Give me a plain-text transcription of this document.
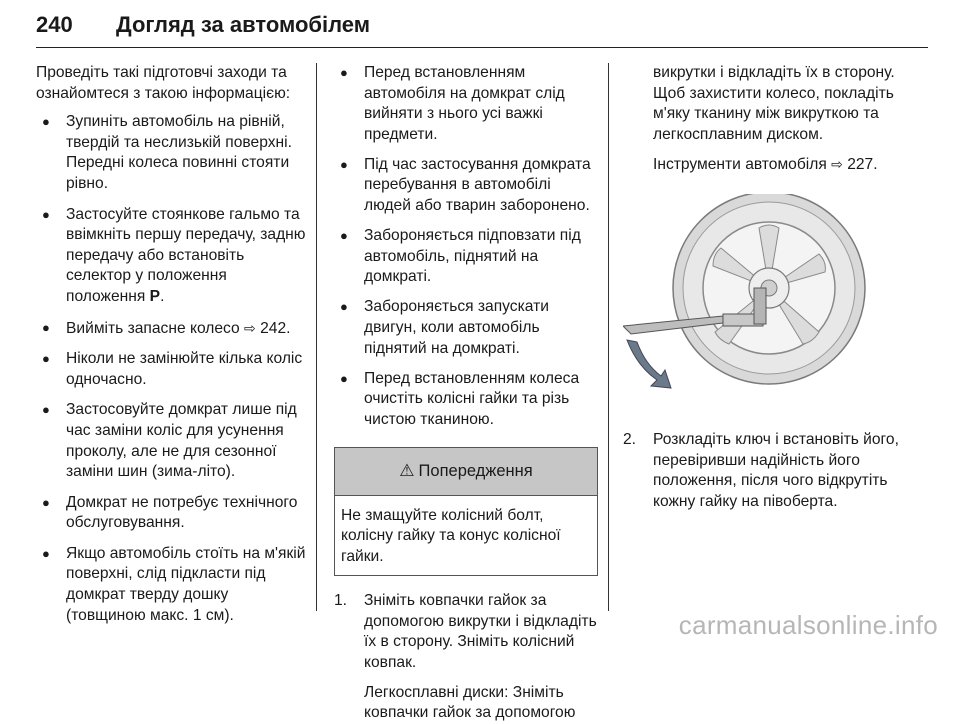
240 Догляд за автомобілем

Проведіть такі підготовчі заходи та ознайомтеся з такою інформацією:

● Зупиніть автомобіль на рівній, твердій та неслизькій поверхні. Передні колеса повинні стояти рівно.
● Застосуйте стоянкове гальмо та ввімкніть першу передачу, задню передачу або встановіть селектор у положення положення P.
● Вийміть запасне колесо ⇨ 242.
● Ніколи не замінюйте кілька коліс одночасно.
● Застосовуйте домкрат лише під час заміни коліс для усунення проколу, але не для сезонної заміни шин (зима-літо).
● Домкрат не потребує технічного обслуговування.
● Якщо автомобіль стоїть на м'якій поверхні, слід підкласти під домкрат тверду дошку (товщиною макс. 1 см).
● Перед встановленням автомобіля на домкрат слід вийняти з нього усі важкі предмети.
● Під час застосування домкрата перебування в автомобілі людей або тварин заборонено.
● Забороняється підповзати під автомобіль, піднятий на домкраті.
● Забороняється запускати двигун, коли автомобіль піднятий на домкраті.
● Перед встановленням колеса очистіть колісні гайки та різь чистою тканиною.
⚠ Попередження
Не змащуйте колісний болт, колісну гайку та конус колісної гайки.
1. Зніміть ковпачки гайок за допомогою викрутки і відкладіть їх в сторону. Зніміть колісний ковпак.

Легкосплавні диски: Зніміть ковпачки гайок за допомогою

викрутки і відкладіть їх в сторону. Щоб захистити колесо, покладіть м'яку тканину між викруткою та легкосплавним диском.

Інструменти автомобіля ⇨ 227.

2. Розкладіть ключ і встановіть його, перевіривши надійність його положення, після чого відкрутіть кожну гайку на півоберта.
carmanualsonline.info
